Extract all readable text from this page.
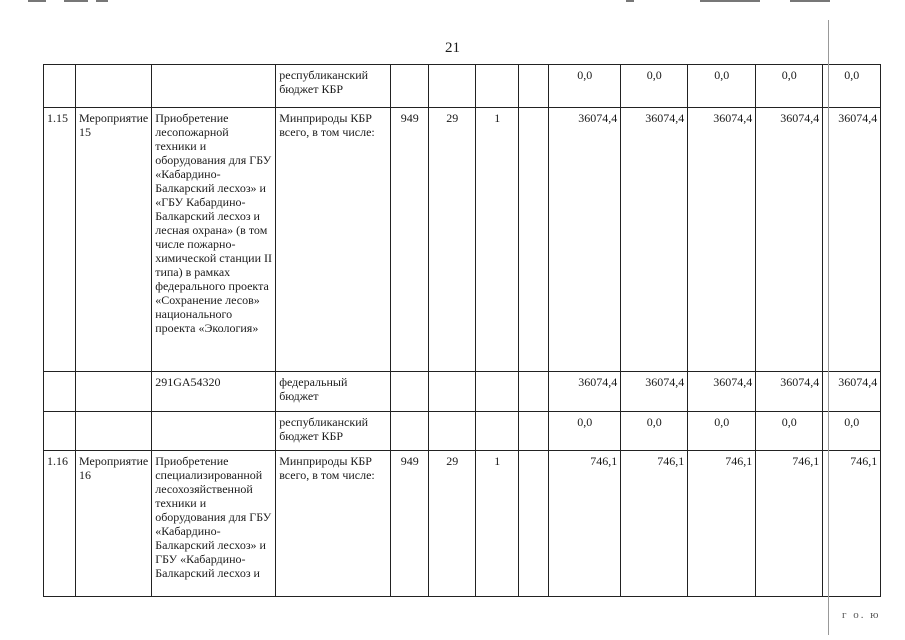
21
			республиканский бюджет КБР					0,0	0,0	0,0	0,0	0,0
1.15	Мероприятие 15	Приобретение лесопожарной техники и оборудования для ГБУ «Кабардино-Балкарский лесхоз» и «ГБУ Кабардино-Балкарский лесхоз и лесная охрана» (в том числе пожарно-химической станции II типа) в рамках федерального проекта «Сохранение лесов» национального проекта «Экология»	Минприроды КБР всего, в том числе:	949	29	1		36074,4	36074,4	36074,4	36074,4	36074,4
		291GA54320	федеральный бюджет					36074,4	36074,4	36074,4	36074,4	36074,4
			республиканский бюджет КБР					0,0	0,0	0,0	0,0	0,0
1.16	Мероприятие 16	Приобретение специализированной лесохозяйственной техники и оборудования для ГБУ «Кабардино-Балкарский лесхоз» и ГБУ «Кабардино-Балкарский лесхоз и	Минприроды КБР всего, в том числе:	949	29	1		746,1	746,1	746,1	746,1	746,1
г о. ю
